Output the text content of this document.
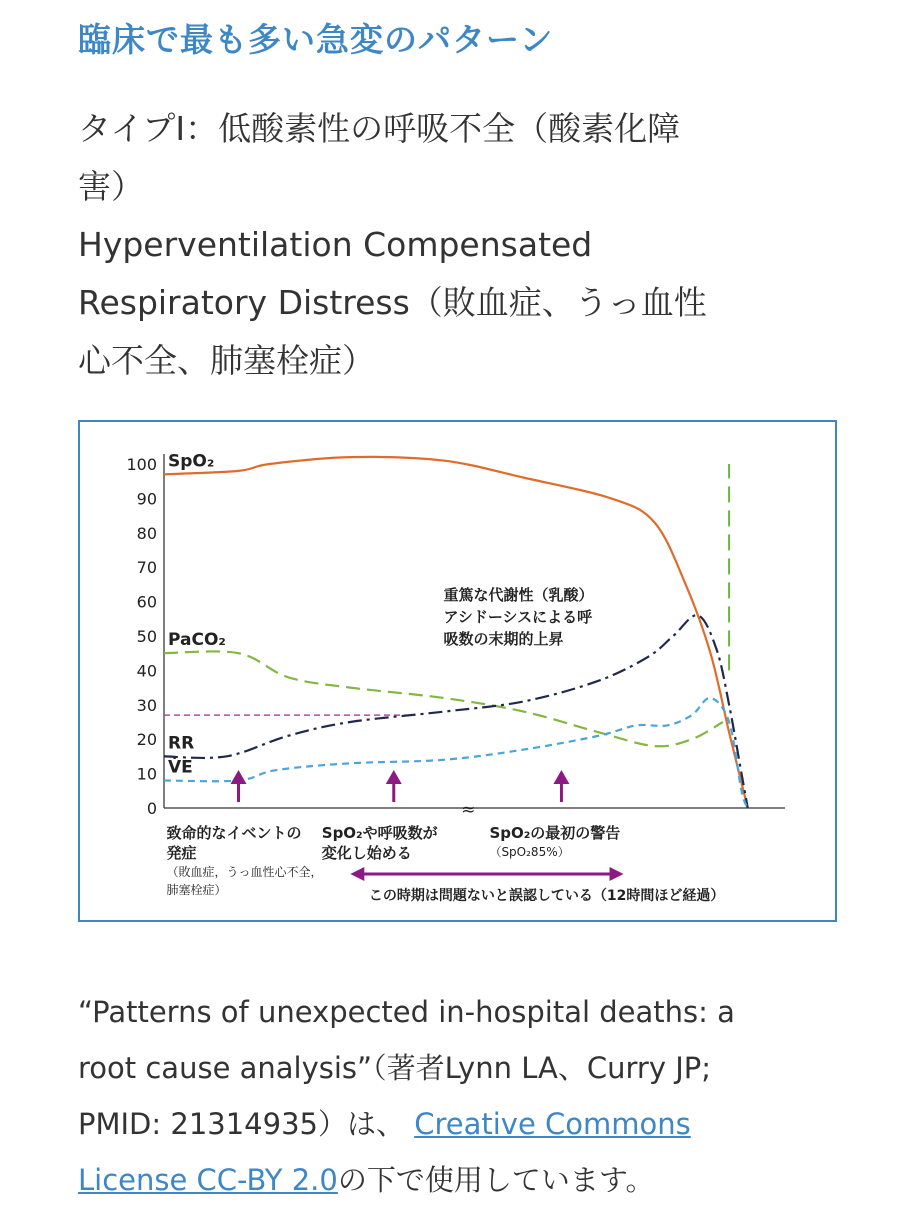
臨床で最も多い急変のパターン
タイプI：低酸素性の呼吸不全（酸素化障
害）
Hyperventilation Compensated
Respiratory Distress（敗血症、うっ血性
心不全、肺塞栓症）
0
10
20
30
40
50
60
70
80
90
100
≈
SpO₂
PaCO₂
RR
V̇E
致命的なイベントの
発症
（敗血症，うっ血性心不全，
肺塞栓症）
SpO₂や呼吸数が
変化し始める
SpO₂の最初の警告
（SpO₂85%）
この時期は問題ないと誤認している（12時間ほど経過）
重篤な代謝性（乳酸）
アシドーシスによる呼
吸数の末期的上昇
“Patterns of unexpected in-hospital deaths: a
root cause analysis”（著者Lynn LA、Curry JP;
PMID: 21314935）は、 Creative Commons
License CC-BY 2.0の下で使用しています。
